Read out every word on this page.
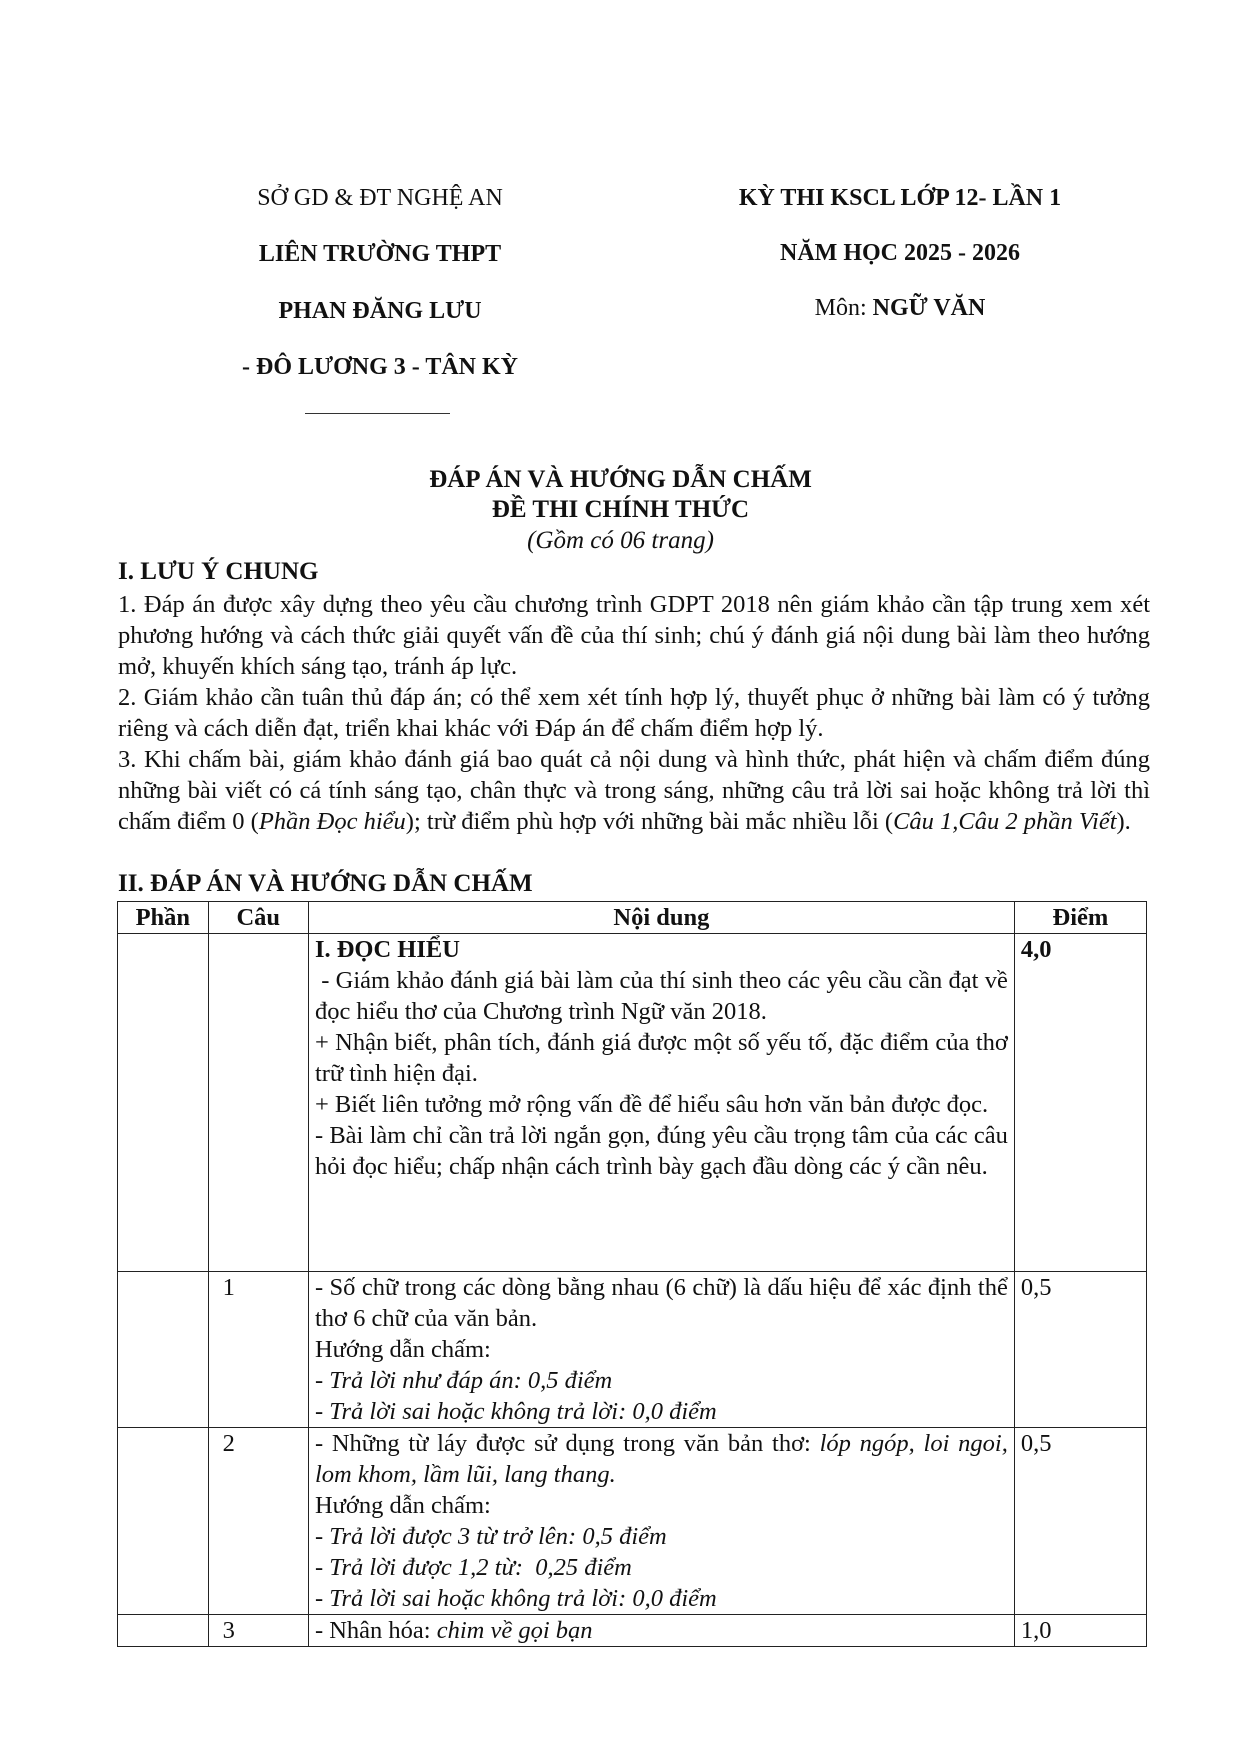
SỞ GD & ĐT NGHỆ AN
LIÊN TRƯỜNG THPT
PHAN ĐĂNG LƯU
- ĐÔ LƯƠNG 3 - TÂN KỲ
KỲ THI KSCL LỚP 12- LẦN 1
NĂM HỌC 2025 - 2026
Môn: NGỮ VĂN
ĐÁP ÁN VÀ HƯỚNG DẪN CHẤM
ĐỀ THI CHÍNH THỨC
(Gồm có 06 trang)
I. LƯU Ý CHUNG

1. Đáp án được xây dựng theo yêu cầu chương trình GDPT 2018 nên giám khảo cần tập trung xem xét phương hướng và cách thức giải quyết vấn đề của thí sinh; chú ý đánh giá nội dung bài làm theo hướng mở, khuyến khích sáng tạo, tránh áp lực.

2. Giám khảo cần tuân thủ đáp án; có thể xem xét tính hợp lý, thuyết phục ở những bài làm có ý tưởng riêng và cách diễn đạt, triển khai khác với Đáp án để chấm điểm hợp lý.

3. Khi chấm bài, giám khảo đánh giá bao quát cả nội dung và hình thức, phát hiện và chấm điểm đúng những bài viết có cá tính sáng tạo, chân thực và trong sáng, những câu trả lời sai hoặc không trả lời thì chấm điểm 0 (Phần Đọc hiểu); trừ điểm phù hợp với những bài mắc nhiều lỗi (Câu 1,Câu 2 phần Viết).

II. ĐÁP ÁN VÀ HƯỚNG DẪN CHẤM
Phần	Câu	Nội dung	Điểm

		I. ĐỌC HIỂU

- Giám khảo đánh giá bài làm của thí sinh theo các yêu cầu cần đạt về đọc hiểu thơ của Chương trình Ngữ văn 2018.

+ Nhận biết, phân tích, đánh giá được một số yếu tố, đặc điểm của thơ trữ tình hiện đại.

+ Biết liên tưởng mở rộng vấn đề để hiểu sâu hơn văn bản được đọc.

- Bài làm chỉ cần trả lời ngắn gọn, đúng yêu cầu trọng tâm của các câu hỏi đọc hiểu; chấp nhận cách trình bày gạch đầu dòng các ý cần nêu.	4,0
	1	- Số chữ trong các dòng bằng nhau (6 chữ) là dấu hiệu để xác định thể thơ 6 chữ của văn bản.

Hướng dẫn chấm:

- Trả lời như đáp án: 0,5 điểm

- Trả lời sai hoặc không trả lời: 0,0 điểm	0,5
	2	- Những từ láy được sử dụng trong văn bản thơ: lóp ngóp, loi ngoi, lom khom, lầm lũi, lang thang.

Hướng dẫn chấm:

- Trả lời được 3 từ trở lên: 0,5 điểm

- Trả lời được 1,2 từ:  0,25 điểm

- Trả lời sai hoặc không trả lời: 0,0 điểm	0,5
	3	- Nhân hóa: chim về gọi bạn	1,0
